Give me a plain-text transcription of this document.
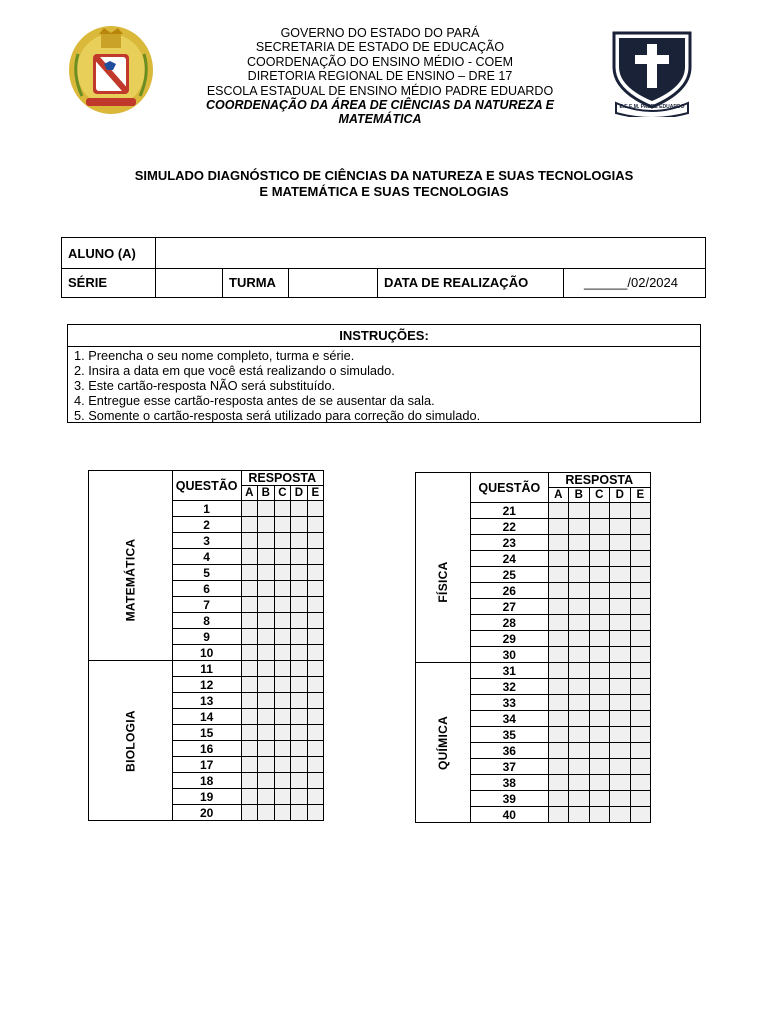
GOVERNO DO ESTADO DO PARÁ
SECRETARIA DE ESTADO DE EDUCAÇÃO
COORDENAÇÃO DO ENSINO MÉDIO - COEM
DIRETORIA REGIONAL DE ENSINO – DRE 17
ESCOLA ESTADUAL DE ENSINO MÉDIO PADRE EDUARDO
COORDENAÇÃO DA ÁREA DE CIÊNCIAS DA NATUREZA E MATEMÁTICA
E.E.E.M. PADRE EDUARDO
SIMULADO DIAGNÓSTICO DE CIÊNCIAS DA NATUREZA E SUAS TECNOLOGIAS
E MATEMÁTICA E SUAS TECNOLOGIAS
ALUNO (A)
SÉRIE	TURMA	DATA DE REALIZAÇÃO	______/02/2024
INSTRUÇÕES:
1. Preencha o seu nome completo, turma e série.
2. Insira a data em que você está realizando o simulado.
3. Este cartão-resposta NÃO será substituído.
4. Entregue esse cartão-resposta antes de se ausentar da sala.
5. Somente o cartão-resposta será utilizado para correção do simulado.
	QUESTÃO	RESPOSTA				
		A	B	C	D	E

MATEMÁTICA	1					
	2					
	3					
	4					
	5					
	6					
	7					
	8					
	9					
	10					

BIOLOGIA	11					
	12					
	13					
	14					
	15					
	16					
	17					
	18					
	19					
	20					
	QUESTÃO	RESPOSTA				
		A	B	C	D	E

FÍSICA	21					
	22					
	23					
	24					
	25					
	26					
	27					
	28					
	29					
	30					

QUÍMICA	31					
	32					
	33					
	34					
	35					
	36					
	37					
	38					
	39					
	40					
